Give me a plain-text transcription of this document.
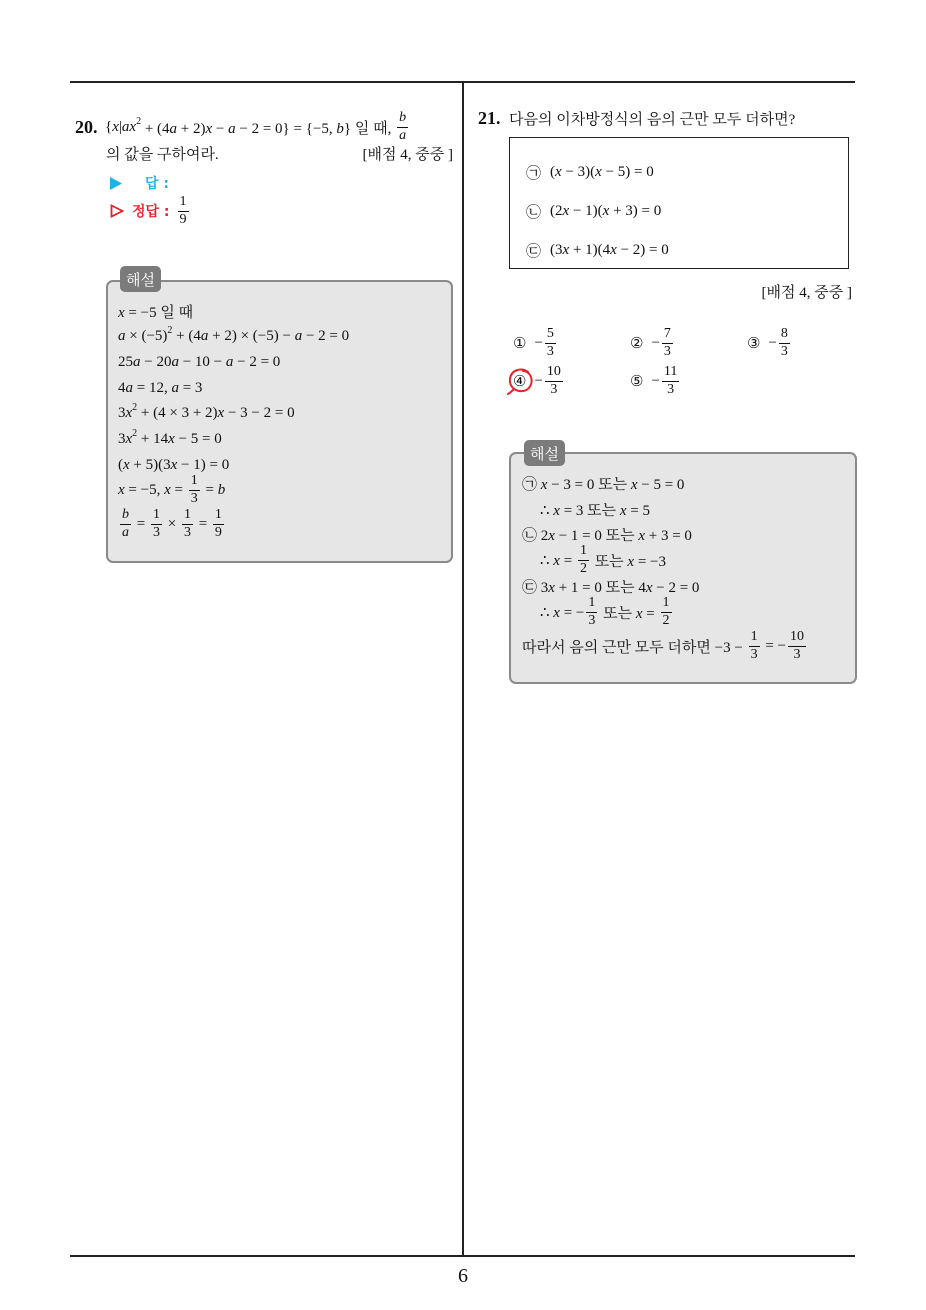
20. {x|ax 2 + (4a + 2)x − a − 2 = 0} = {−5, b} 일 때, $\frac{b}{a}$
의 값을 구하여라.	[배점 4, 중중 ]
답 :
정답 : $\frac{1}{9}$
해설
x = −5 일 때
a × (−5) 2 + (4a + 2) × (−5) − a − 2 = 0
25a − 20a − 10 − a − 2 = 0
4a = 12, a = 3
3x 2 + (4 × 3 + 2)x − 3 − 2 = 0
3x 2 + 14x − 5 = 0
(x + 5)(3x − 1) = 0
x = −5, $x = \frac{1}{3} = b$
$\frac{b}{a} = \frac{1}{3} \times \frac{1}{3} = \frac{1}{9}$
21. 다음의 이차방정식의 음의 근만 모두 더하면?
㉠ (x − 3)(x − 5) = 0
㉡ (2x − 1)(x + 3) = 0
㉢ (3x + 1)(4x − 2) = 0
[배점 4, 중중 ]
① − $\frac{5}{3}$	② − $\frac{7}{3}$	③ − $\frac{8}{3}$
④ − $\frac{10}{3}$	⑤ − $\frac{11}{3}$
해설
㉠ x − 3 = 0 또는 x − 5 = 0
∴ x = 3 또는 x = 5
㉡ 2x − 1 = 0 또는 x + 3 = 0
∴ $x = \frac{1}{2}$ 또는 x = −3
㉢ 3x + 1 = 0 또는 4x − 2 = 0
∴ x = − $\frac{1}{3}$ 또는 $x = \frac{1}{2}$
따라서 음의 근만 모두 더하면 $-3 - \frac{1}{3}$ = − $\frac{10}{3}$
6
